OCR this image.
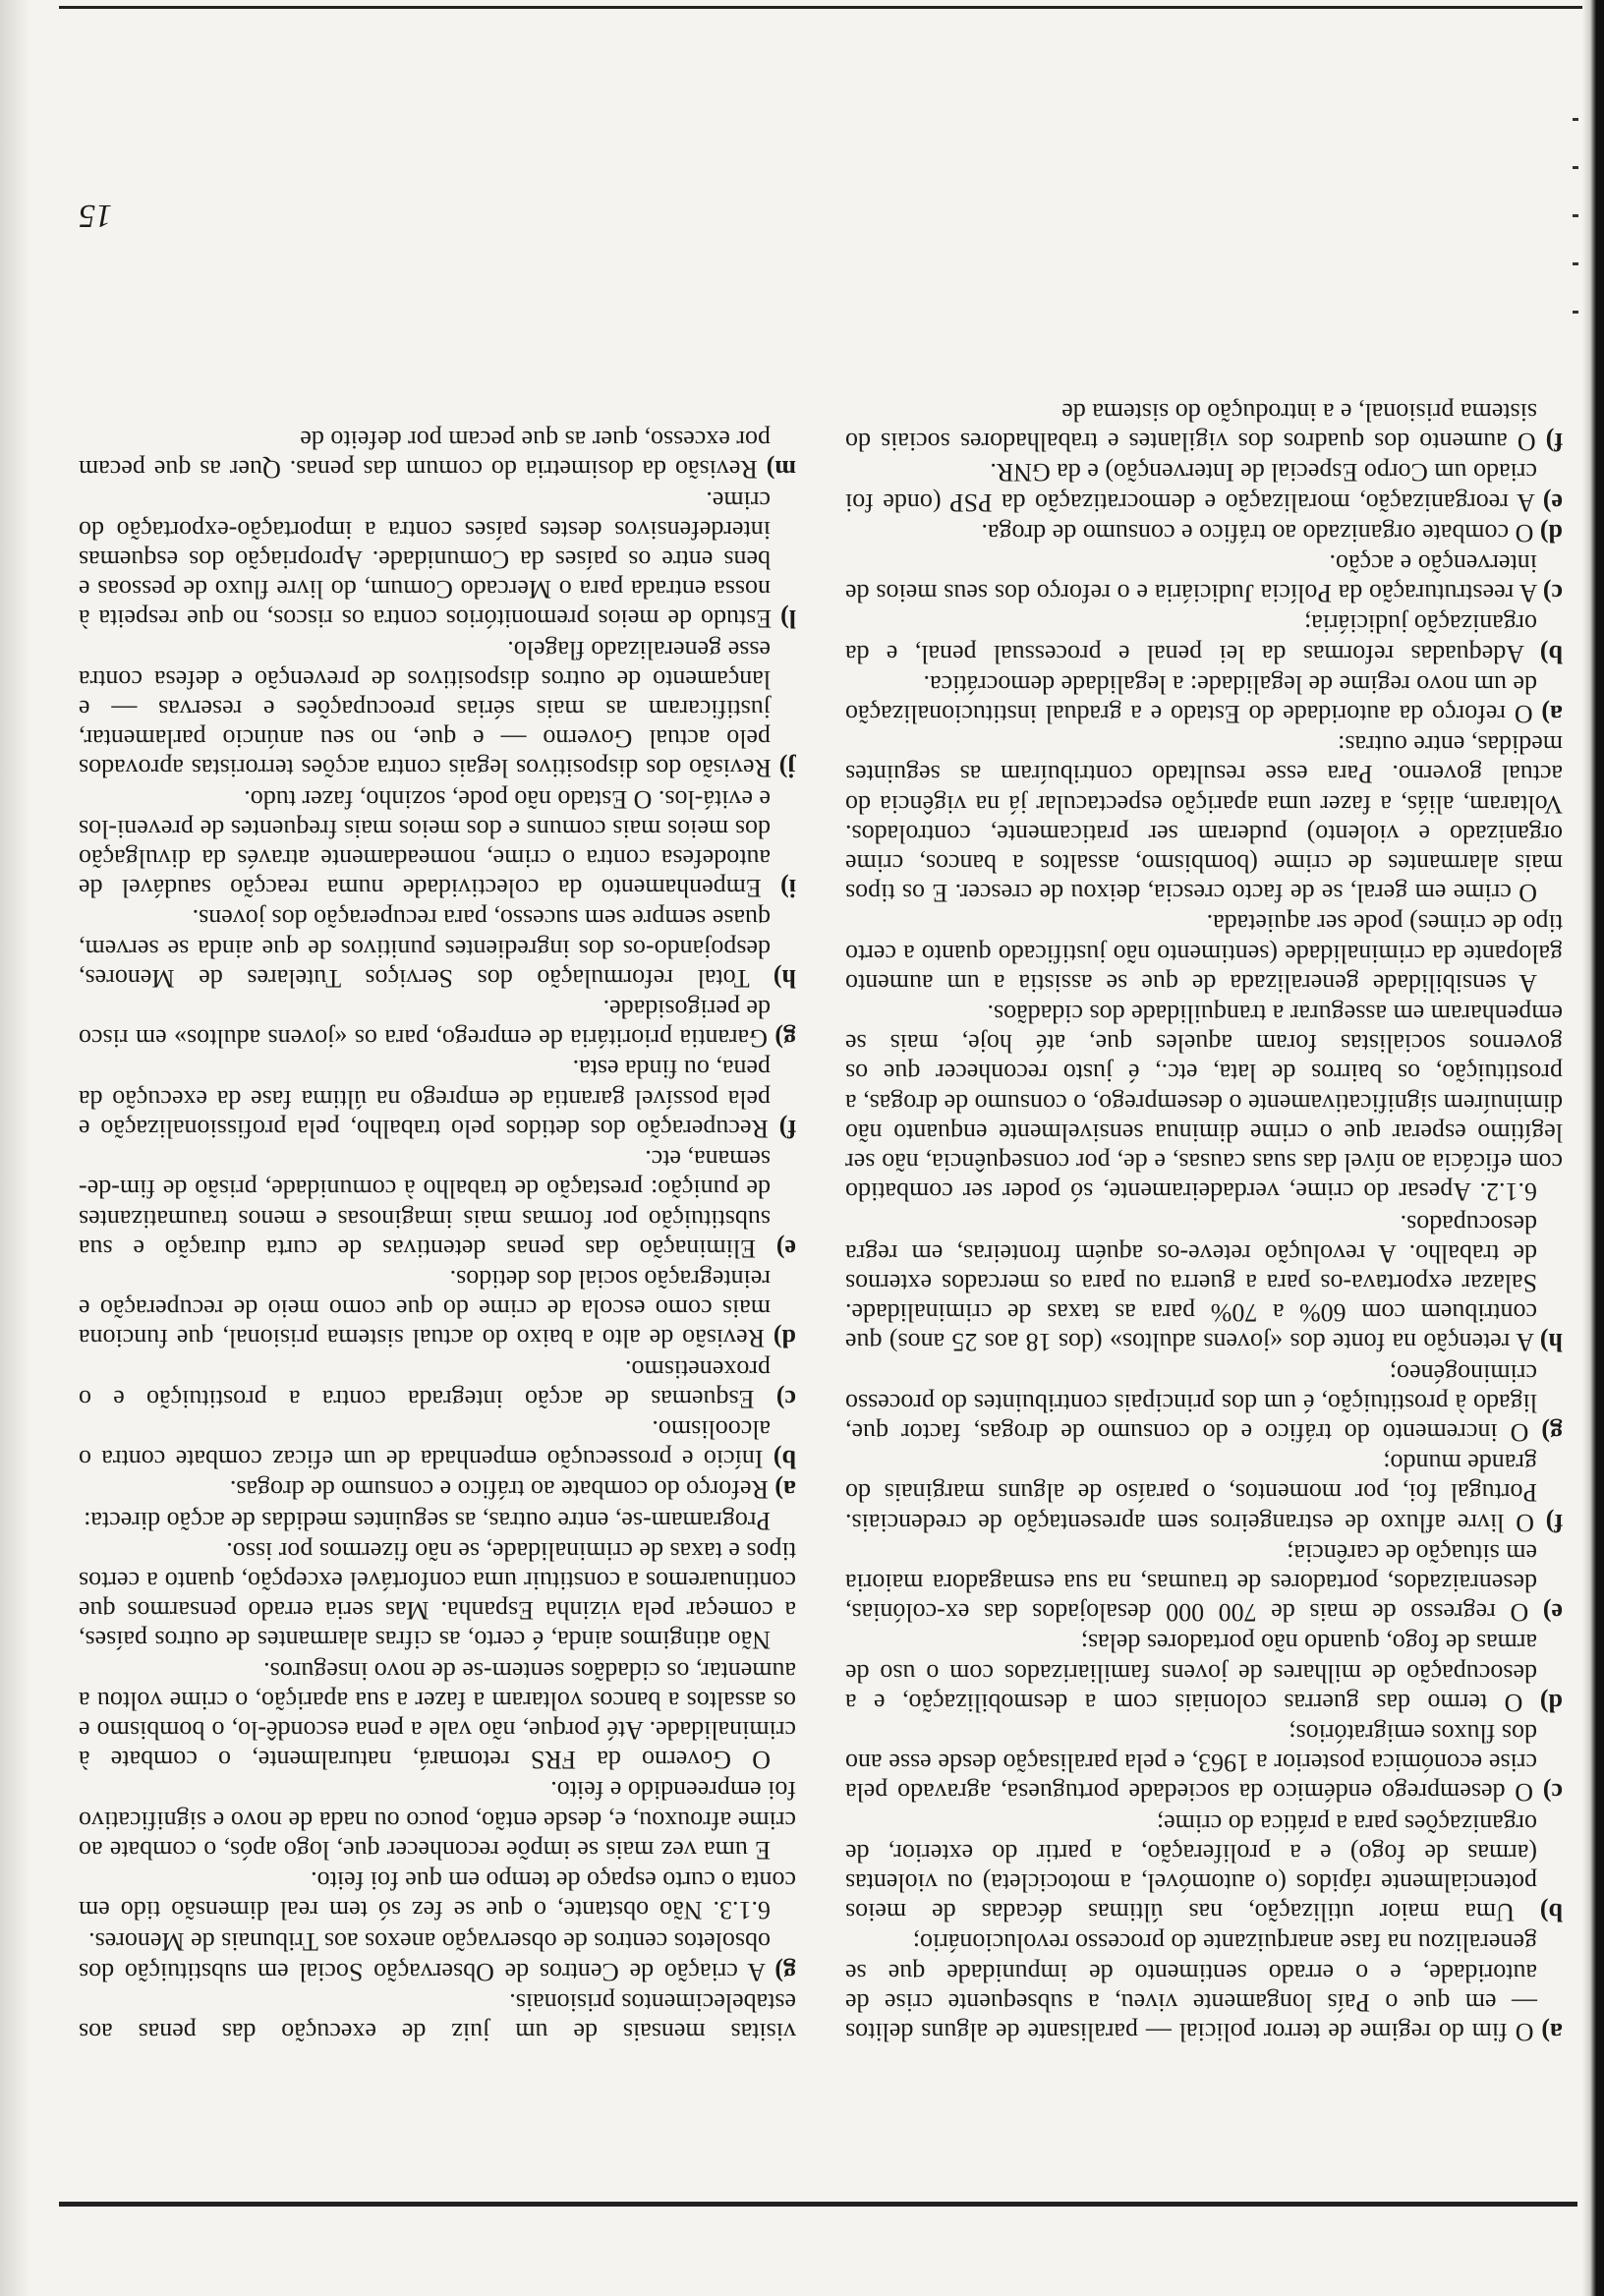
a) O fim do regime de terror policial — paralisante de alguns delitos — em que o País longamente viveu, a subsequente crise de autoridade, e o errado sentimento de impunidade que se generalizou na fase anarquizante do processo revolucionário;

b) Uma maior utilização, nas últimas décadas de meios potencialmente rápidos (o automóvel, a motocicleta) ou violentas (armas de fogo) e a proliferação, a partir do exterior, de organizações para a prática do crime;

c) O desemprego endémico da sociedade portuguesa, agravado pela crise económica posterior a 1963, e pela paralisação desde esse ano dos fluxos emigratórios;

d) O termo das guerras coloniais com a desmobilização, e a desocupação de milhares de jovens familiarizados com o uso de armas de fogo, quando não portadores delas;

e) O regresso de mais de 700 000 desalojados das ex-colónias, desenraizados, portadores de traumas, na sua esmagadora maioria em situação de carência;

f) O livre afluxo de estrangeiros sem apresentação de credenciais. Portugal foi, por momentos, o paraíso de alguns marginais do grande mundo;

g) O incremento do tráfico e do consumo de drogas, factor que, ligado à prostituição, é um dos principais contribuintes do processo criminogéneo;

h) A retenção na fonte dos «jovens adultos» (dos 18 aos 25 anos) que contribuem com 60% a 70% para as taxas de criminalidade. Salazar exportava-os para a guerra ou para os mercados externos de trabalho. A revolução reteve-os aquém fronteiras, em regra desocupados.

6.1.2. Apesar do crime, verdadeiramente, só poder ser combatido com eficácia ao nível das suas causas, e de, por consequência, não ser legítimo esperar que o crime diminua sensivelmente enquanto não diminuírem significativamente o desemprego, o consumo de drogas, a prostituição, os bairros de lata, etc., é justo reconhecer que os governos socialistas foram aqueles que, até hoje, mais se empenharam em assegurar a tranquilidade dos cidadãos.

A sensibilidade generalizada de que se assistia a um aumento galopante da criminalidade (sentimento não justificado quanto a certo tipo de crimes) pode ser aquietada.

O crime em geral, se de facto crescia, deixou de crescer. E os tipos mais alarmantes de crime (bombismo, assaltos a bancos, crime organizado e violento) puderam ser praticamente, controlados. Voltaram, aliás, a fazer uma aparição espectacular já na vigência do actual governo. Para esse resultado contribuíram as seguintes medidas, entre outras:

a) O reforço da autoridade do Estado e a gradual institucionalização de um novo regime de legalidade: a legalidade democrática.

b) Adequadas reformas da lei penal e processual penal, e da organização judiciária;

c) A reestruturação da Polícia Judiciária e o reforço dos seus meios de intervenção e acção.

d) O combate organizado ao tráfico e consumo de droga.

e) A reorganização, moralização e democratização da PSP (onde foi criado um Corpo Especial de Intervenção) e da GNR.

f) O aumento dos quadros dos vigilantes e trabalhadores sociais do sistema prisional, e a introdução do sistema de

visitas mensais de um juiz de execução das penas aos estabelecimentos prisionais.

g) A criação de Centros de Observação Social em substituição dos obsoletos centros de observação anexos aos Tribunais de Menores.

6.1.3. Não obstante, o que se fez só tem real dimensão tido em conta o curto espaço de tempo em que foi feito.

E uma vez mais se impõe reconhecer que, logo após, o combate ao crime afrouxou, e, desde então, pouco ou nada de novo e significativo foi empreendido e feito.

O Governo da FRS retomará, naturalmente, o combate à criminalidade. Até porque, não vale a pena escondê-lo, o bombismo e os assaltos a bancos voltaram a fazer a sua aparição, o crime voltou a aumentar, os cidadãos sentem-se de novo inseguros.

Não atingimos ainda, é certo, as cifras alarmantes de outros países, a começar pela vizinha Espanha. Mas seria errado pensarmos que continuaremos a constituir uma confortável excepção, quanto a certos tipos e taxas de criminalidade, se não fizermos por isso.

Programam-se, entre outras, as seguintes medidas de acção directa:

a) Reforço do combate ao tráfico e consumo de drogas.

b) Início e prossecução empenhada de um eficaz combate contra o alcoolismo.

c) Esquemas de acção integrada contra a prostituição e o proxenetismo.

d) Revisão de alto a baixo do actual sistema prisional, que funciona mais como escola de crime do que como meio de recuperação e reintegração social dos detidos.

e) Eliminação das penas detentivas de curta duração e sua substituição por formas mais imaginosas e menos traumatizantes de punição: prestação de trabalho à comunidade, prisão de fim-de-semana, etc.

f) Recuperação dos detidos pelo trabalho, pela profissionalização e pela possível garantia de emprego na última fase da execução da pena, ou finda esta.

g) Garantia prioritária de emprego, para os «jovens adultos» em risco de perigosidade.

h) Total reformulação dos Serviços Tutelares de Menores, despojando-os dos ingredientes punitivos de que ainda se servem, quase sempre sem sucesso, para recuperação dos jovens.

i) Empenhamento da colectividade numa reacção saudável de autodefesa contra o crime, nomeadamente através da divulgação dos meios mais comuns e dos meios mais frequentes de preveni-los e evitá-los. O Estado não pode, sozinho, fazer tudo.

j) Revisão dos dispositivos legais contra acções terroristas aprovados pelo actual Governo — e que, no seu anúncio parlamentar, justificaram as mais sérias preocupações e reservas — e lançamento de outros dispositivos de prevenção e defesa contra esse generalizado flagelo.

l) Estudo de meios premonitórios contra os riscos, no que respeita à nossa entrada para o Mercado Comum, do livre fluxo de pessoas e bens entre os países da Comunidade. Apropriação dos esquemas interdefensivos destes países contra a importação-exportação do crime.

m) Revisão da dosimetria do comum das penas. Quer as que pecam por excesso, quer as que pecam por defeito de

15
